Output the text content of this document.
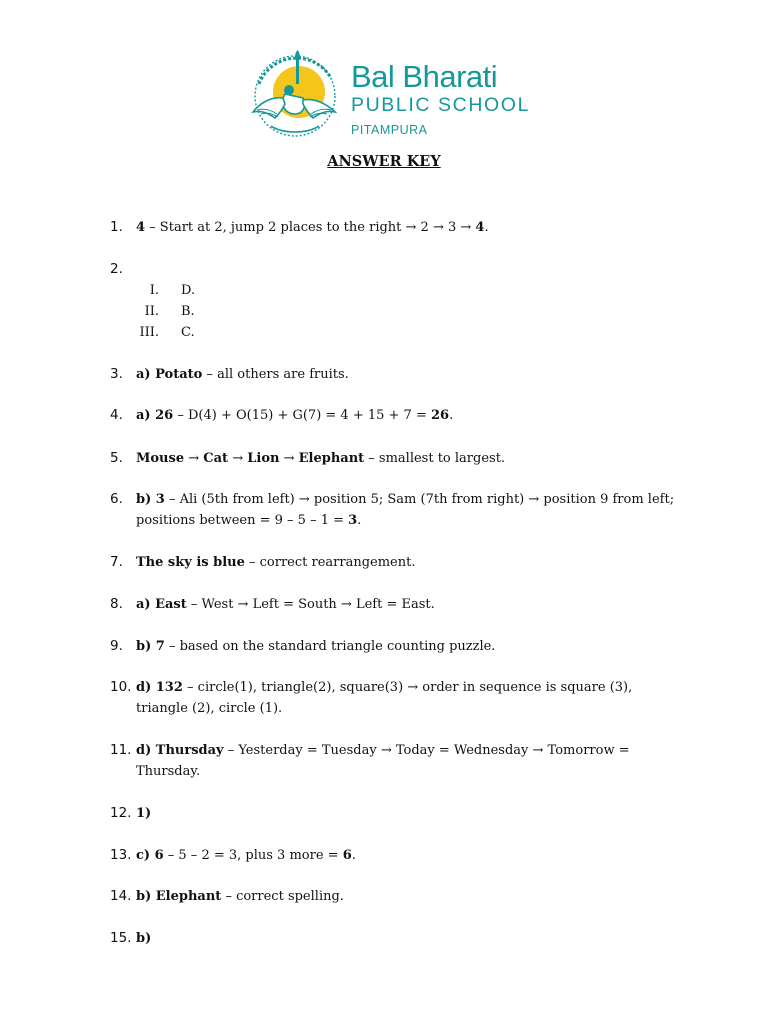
Bal Bharati
PUBLIC SCHOOL
PITAMPURA
ANSWER KEY
1.	4 – Start at 2, jump 2 places to the right → 2 → 3 → 4.
2.
I. D.
II. B.
III. C.
3.	a) Potato – all others are fruits.
4.	a) 26 – D(4) + O(15) + G(7) = 4 + 15 + 7 = 26.
5.	Mouse → Cat → Lion → Elephant – smallest to largest.
6.	b) 3 – Ali (5th from left) → position 5; Sam (7th from right) → position 9 from left; positions between = 9 – 5 – 1 = 3.
7.	The sky is blue – correct rearrangement.
8.	a) East – West → Left = South → Left = East.
9.	b) 7 – based on the standard triangle counting puzzle.
10. d) 132 – circle(1), triangle(2), square(3) → order in sequence is square (3), triangle (2), circle (1).
11. d) Thursday – Yesterday = Tuesday → Today = Wednesday → Tomorrow = Thursday.
12. 1)
13. c) 6 – 5 – 2 = 3, plus 3 more = 6.
14. b) Elephant – correct spelling.
15. b)
